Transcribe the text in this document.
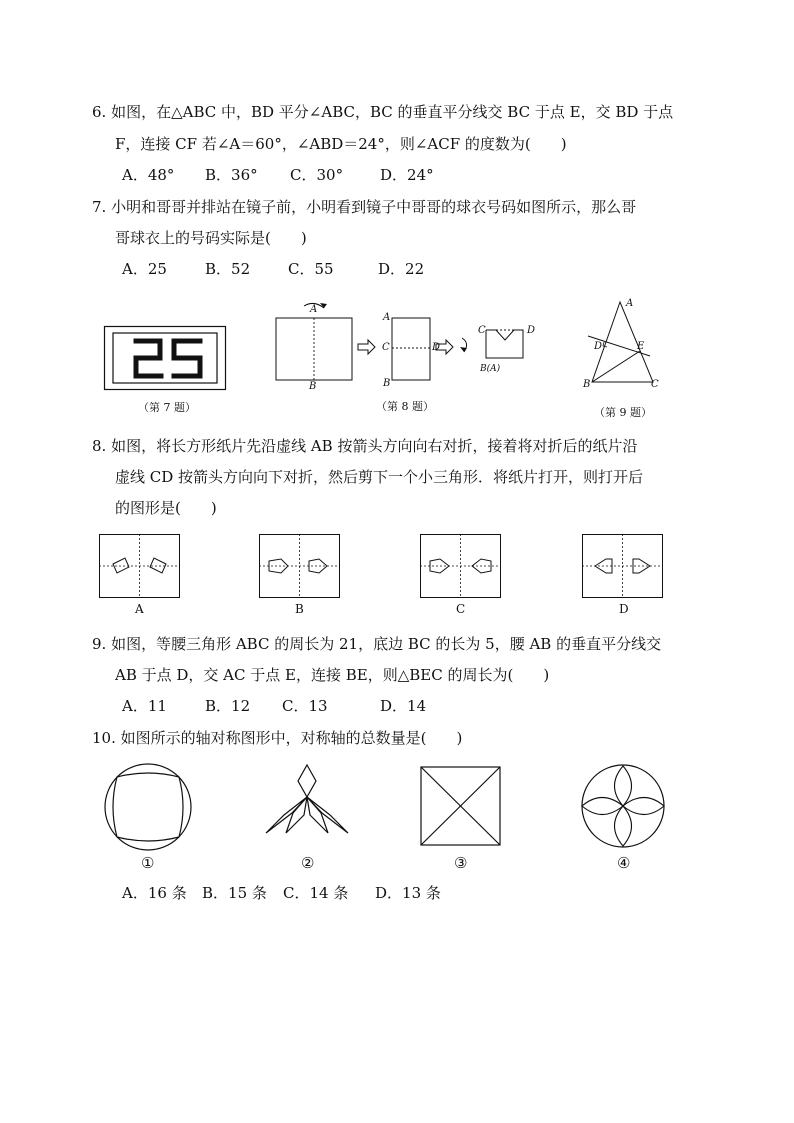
6. 如图，在△ABC 中，BD 平分∠ABC，BC 的垂直平分线交 BC 于点 E，交 BD 于点
F，连接 CF 若∠A＝60°，∠ABD＝24°，则∠ACF 的度数为(　　)
A．48° B．36° C．30° D．24°
7. 小明和哥哥并排站在镜子前，小明看到镜子中哥哥的球衣号码如图所示，那么哥
哥球衣上的号码实际是(　　)
A．25	B．52	C．55	D．22
（第 7 题）
A
B
A
C	D
B
C	D
B(A)
（第 8 题）
A
D	E
B	C
（第 9 题）
8. 如图，将长方形纸片先沿虚线 AB 按箭头方向向右对折，接着将对折后的纸片沿
虚线 CD 按箭头方向向下对折，然后剪下一个小三角形．将纸片打开，则打开后
的图形是(　　)
A	B	C	D
9. 如图，等腰三角形 ABC 的周长为 21，底边 BC 的长为 5，腰 AB 的垂直平分线交
AB 于点 D，交 AC 于点 E，连接 BE，则△BEC 的周长为(　　)
A．11	B．12 C．13	D．14
10. 如图所示的轴对称图形中，对称轴的总数量是(　　)
①	②	③	④
A．16 条 B．15 条 C．14 条 D．13 条
